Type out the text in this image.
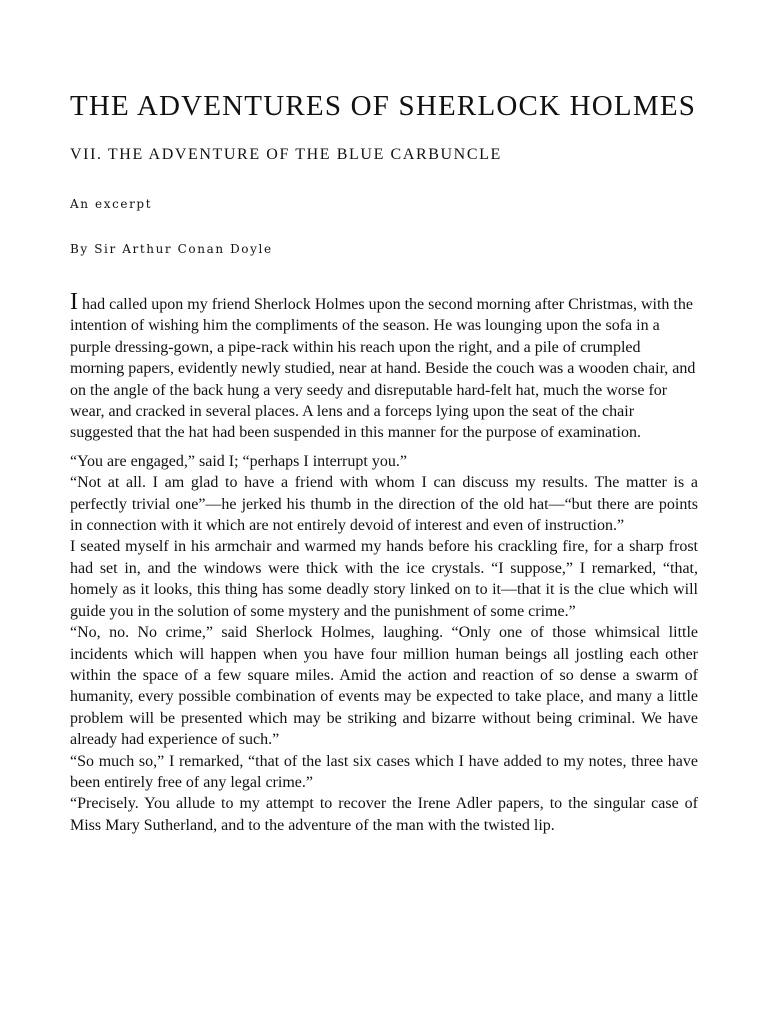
THE ADVENTURES OF SHERLOCK HOLMES
VII. THE ADVENTURE OF THE BLUE CARBUNCLE
An excerpt
By Sir Arthur Conan Doyle

I had called upon my friend Sherlock Holmes upon the second morning after Christmas, with the intention of wishing him the compliments of the season. He was lounging upon the sofa in a purple dressing-gown, a pipe-rack within his reach upon the right, and a pile of crumpled morning papers, evidently newly studied, near at hand. Beside the couch was a wooden chair, and on the angle of the back hung a very seedy and disreputable hard-felt hat, much the worse for wear, and cracked in several places. A lens and a forceps lying upon the seat of the chair suggested that the hat had been suspended in this manner for the purpose of examination.

“You are engaged,” said I; “perhaps I interrupt you.”

“Not at all. I am glad to have a friend with whom I can discuss my results. The matter is a perfectly trivial one”—he jerked his thumb in the direction of the old hat—“but there are points in connection with it which are not entirely devoid of interest and even of instruction.”

I seated myself in his armchair and warmed my hands before his crackling fire, for a sharp frost had set in, and the windows were thick with the ice crystals. “I suppose,” I remarked, “that, homely as it looks, this thing has some deadly story linked on to it—that it is the clue which will guide you in the solution of some mystery and the punishment of some crime.”

“No, no. No crime,” said Sherlock Holmes, laughing. “Only one of those whimsical little incidents which will happen when you have four million human beings all jostling each other within the space of a few square miles. Amid the action and reaction of so dense a swarm of humanity, every possible combination of events may be expected to take place, and many a little problem will be presented which may be striking and bizarre without being criminal. We have already had experience of such.”

“So much so,” I remarked, “that of the last six cases which I have added to my notes, three have been entirely free of any legal crime.”

“Precisely. You allude to my attempt to recover the Irene Adler papers, to the singular case of Miss Mary Sutherland, and to the adventure of the man with the twisted lip.
